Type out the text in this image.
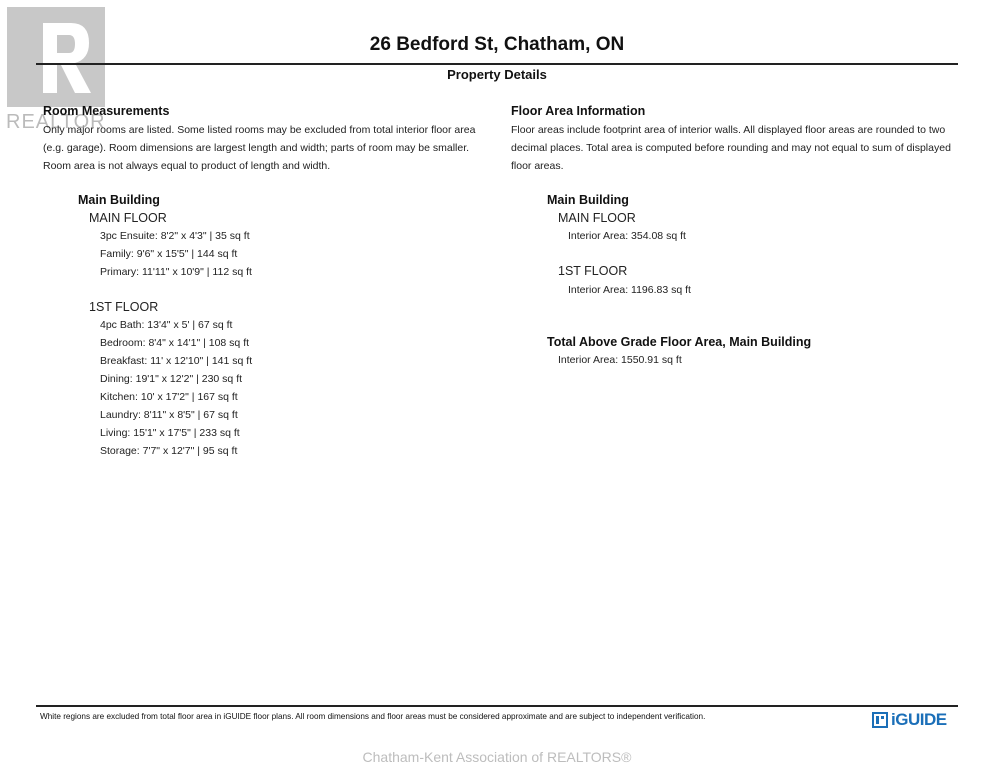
REALTOR
26 Bedford St, Chatham, ON
Property Details
Room Measurements
Only major rooms are listed. Some listed rooms may be excluded from total interior floor area
(e.g. garage). Room dimensions are largest length and width; parts of room may be smaller.
Room area is not always equal to product of length and width.
Main Building
MAIN FLOOR
3pc Ensuite: 8'2" x 4'3" | 35 sq ft
Family: 9'6" x 15'5" | 144 sq ft
Primary: 11'11" x 10'9" | 112 sq ft
1ST FLOOR
4pc Bath: 13'4" x 5' | 67 sq ft
Bedroom: 8'4" x 14'1" | 108 sq ft
Breakfast: 11' x 12'10" | 141 sq ft
Dining: 19'1" x 12'2" | 230 sq ft
Kitchen: 10' x 17'2" | 167 sq ft
Laundry: 8'11" x 8'5" | 67 sq ft
Living: 15'1" x 17'5" | 233 sq ft
Storage: 7'7" x 12'7" | 95 sq ft
Floor Area Information
Floor areas include footprint area of interior walls. All displayed floor areas are rounded to two
decimal places. Total area is computed before rounding and may not equal to sum of displayed
floor areas.
Main Building
MAIN FLOOR
Interior Area: 354.08 sq ft
1ST FLOOR
Interior Area: 1196.83 sq ft
Total Above Grade Floor Area, Main Building
Interior Area: 1550.91 sq ft
White regions are excluded from total floor area in iGUIDE floor plans. All room dimensions and floor areas must be considered approximate and are subject to independent verification.	iGUIDE
Chatham-Kent Association of REALTORS®
